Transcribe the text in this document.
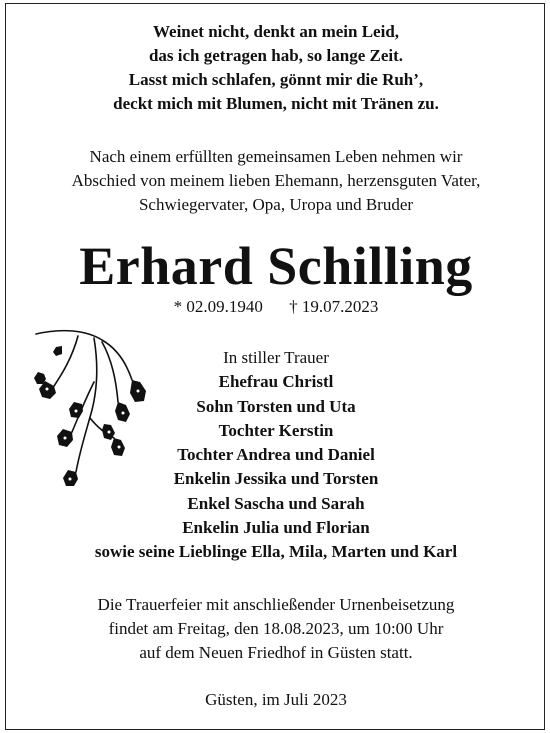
Weinet nicht, denkt an mein Leid,
das ich getragen hab, so lange Zeit.
Lasst mich schlafen, gönnt mir die Ruh’,
deckt mich mit Blumen, nicht mit Tränen zu.
Nach einem erfüllten gemeinsamen Leben nehmen wir
Abschied von meinem lieben Ehemann, herzensguten Vater,
Schwiegervater, Opa, Uropa und Bruder
Erhard Schilling
* 02.09.1940 † 19.07.2023
In stiller Trauer
Ehefrau Christl
Sohn Torsten und Uta
Tochter Kerstin
Tochter Andrea und Daniel
Enkelin Jessika und Torsten
Enkel Sascha und Sarah
Enkelin Julia und Florian
sowie seine Lieblinge Ella, Mila, Marten und Karl
Die Trauerfeier mit anschließender Urnenbeisetzung
findet am Freitag, den 18.08.2023, um 10:00 Uhr
auf dem Neuen Friedhof in Güsten statt.
Güsten, im Juli 2023
